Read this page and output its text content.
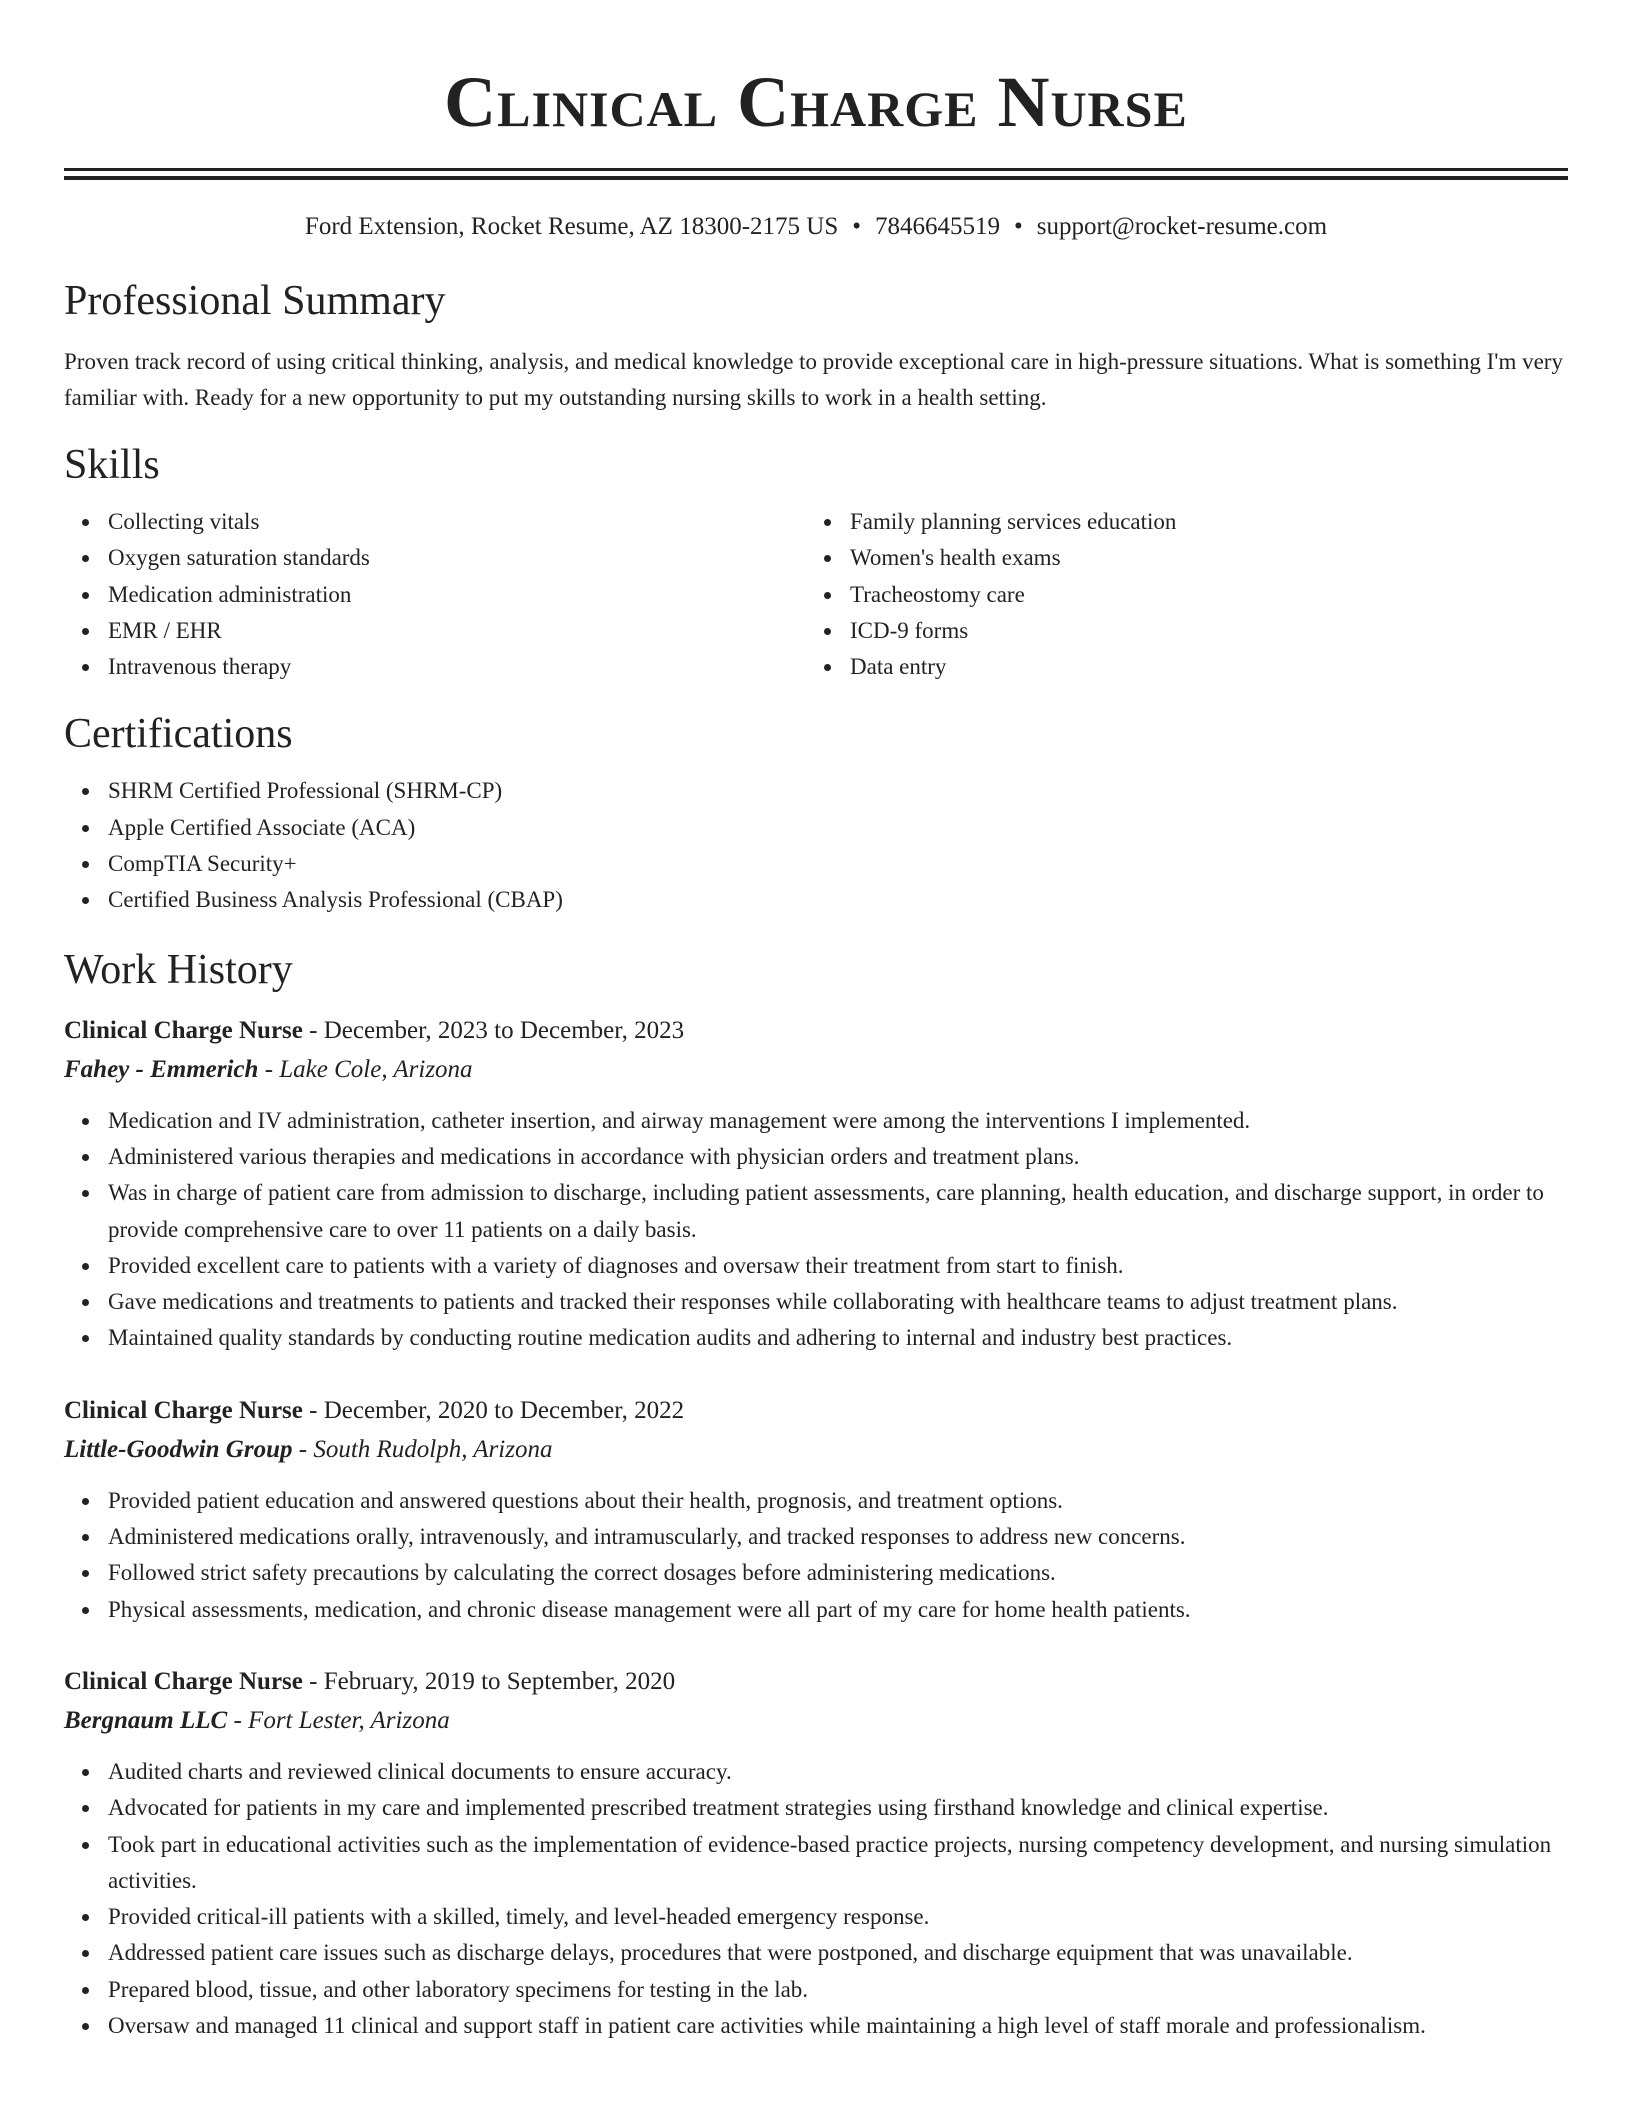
Clinical Charge Nurse
Ford Extension, Rocket Resume, AZ 18300-2175 US • 7846645519 • support@rocket-resume.com
Professional Summary

Proven track record of using critical thinking, analysis, and medical knowledge to provide exceptional care in high-pressure situations. What is something I'm very familiar with. Ready for a new opportunity to put my outstanding nursing skills to work in a health setting.

Skills
Collecting vitals
Oxygen saturation standards
Medication administration
EMR / EHR
Intravenous therapy
Family planning services education
Women's health exams
Tracheostomy care
ICD-9 forms
Data entry
Certifications
SHRM Certified Professional (SHRM-CP)
Apple Certified Associate (ACA)
CompTIA Security+
Certified Business Analysis Professional (CBAP)
Work History
Clinical Charge Nurse - December, 2023 to December, 2023
Fahey - Emmerich - Lake Cole, Arizona
Medication and IV administration, catheter insertion, and airway management were among the interventions I implemented.
Administered various therapies and medications in accordance with physician orders and treatment plans.
Was in charge of patient care from admission to discharge, including patient assessments, care planning, health education, and discharge support, in order to provide comprehensive care to over 11 patients on a daily basis.
Provided excellent care to patients with a variety of diagnoses and oversaw their treatment from start to finish.
Gave medications and treatments to patients and tracked their responses while collaborating with healthcare teams to adjust treatment plans.
Maintained quality standards by conducting routine medication audits and adhering to internal and industry best practices.
Clinical Charge Nurse - December, 2020 to December, 2022
Little-Goodwin Group - South Rudolph, Arizona
Provided patient education and answered questions about their health, prognosis, and treatment options.
Administered medications orally, intravenously, and intramuscularly, and tracked responses to address new concerns.
Followed strict safety precautions by calculating the correct dosages before administering medications.
Physical assessments, medication, and chronic disease management were all part of my care for home health patients.
Clinical Charge Nurse - February, 2019 to September, 2020
Bergnaum LLC - Fort Lester, Arizona
Audited charts and reviewed clinical documents to ensure accuracy.
Advocated for patients in my care and implemented prescribed treatment strategies using firsthand knowledge and clinical expertise.
Took part in educational activities such as the implementation of evidence-based practice projects, nursing competency development, and nursing simulation activities.
Provided critical-ill patients with a skilled, timely, and level-headed emergency response.
Addressed patient care issues such as discharge delays, procedures that were postponed, and discharge equipment that was unavailable.
Prepared blood, tissue, and other laboratory specimens for testing in the lab.
Oversaw and managed 11 clinical and support staff in patient care activities while maintaining a high level of staff morale and professionalism.
